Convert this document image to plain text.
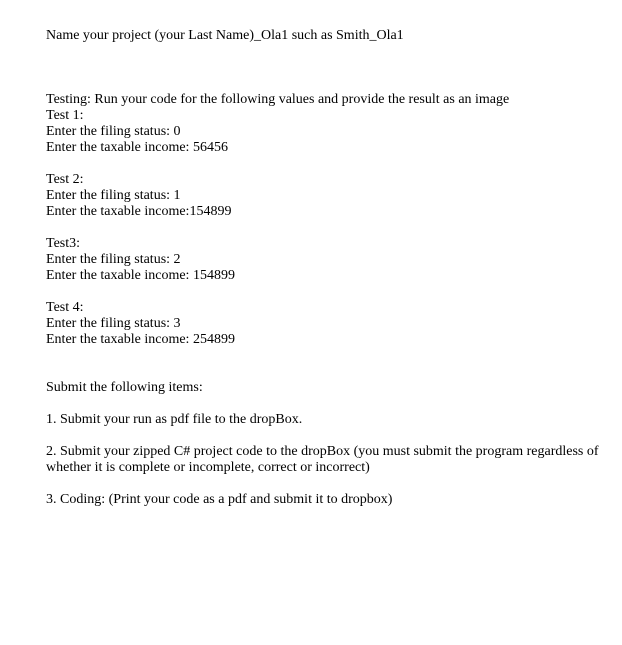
Name your project (your Last Name)_Ola1 such as Smith_Ola1
Testing: Run your code for the following values and provide the result as an image
Test 1:
Enter the filing status: 0
Enter the taxable income: 56456
Test 2:
Enter the filing status: 1
Enter the taxable income:154899
Test3:
Enter the filing status: 2
Enter the taxable income: 154899
Test 4:
Enter the filing status: 3
Enter the taxable income: 254899
Submit the following items:
1. Submit your run as pdf file to the dropBox.
2. Submit your zipped C# project code to the dropBox (you must submit the program regardless of whether it is complete or incomplete, correct or incorrect)
3. Coding: (Print your code as a pdf and submit it to dropbox)
